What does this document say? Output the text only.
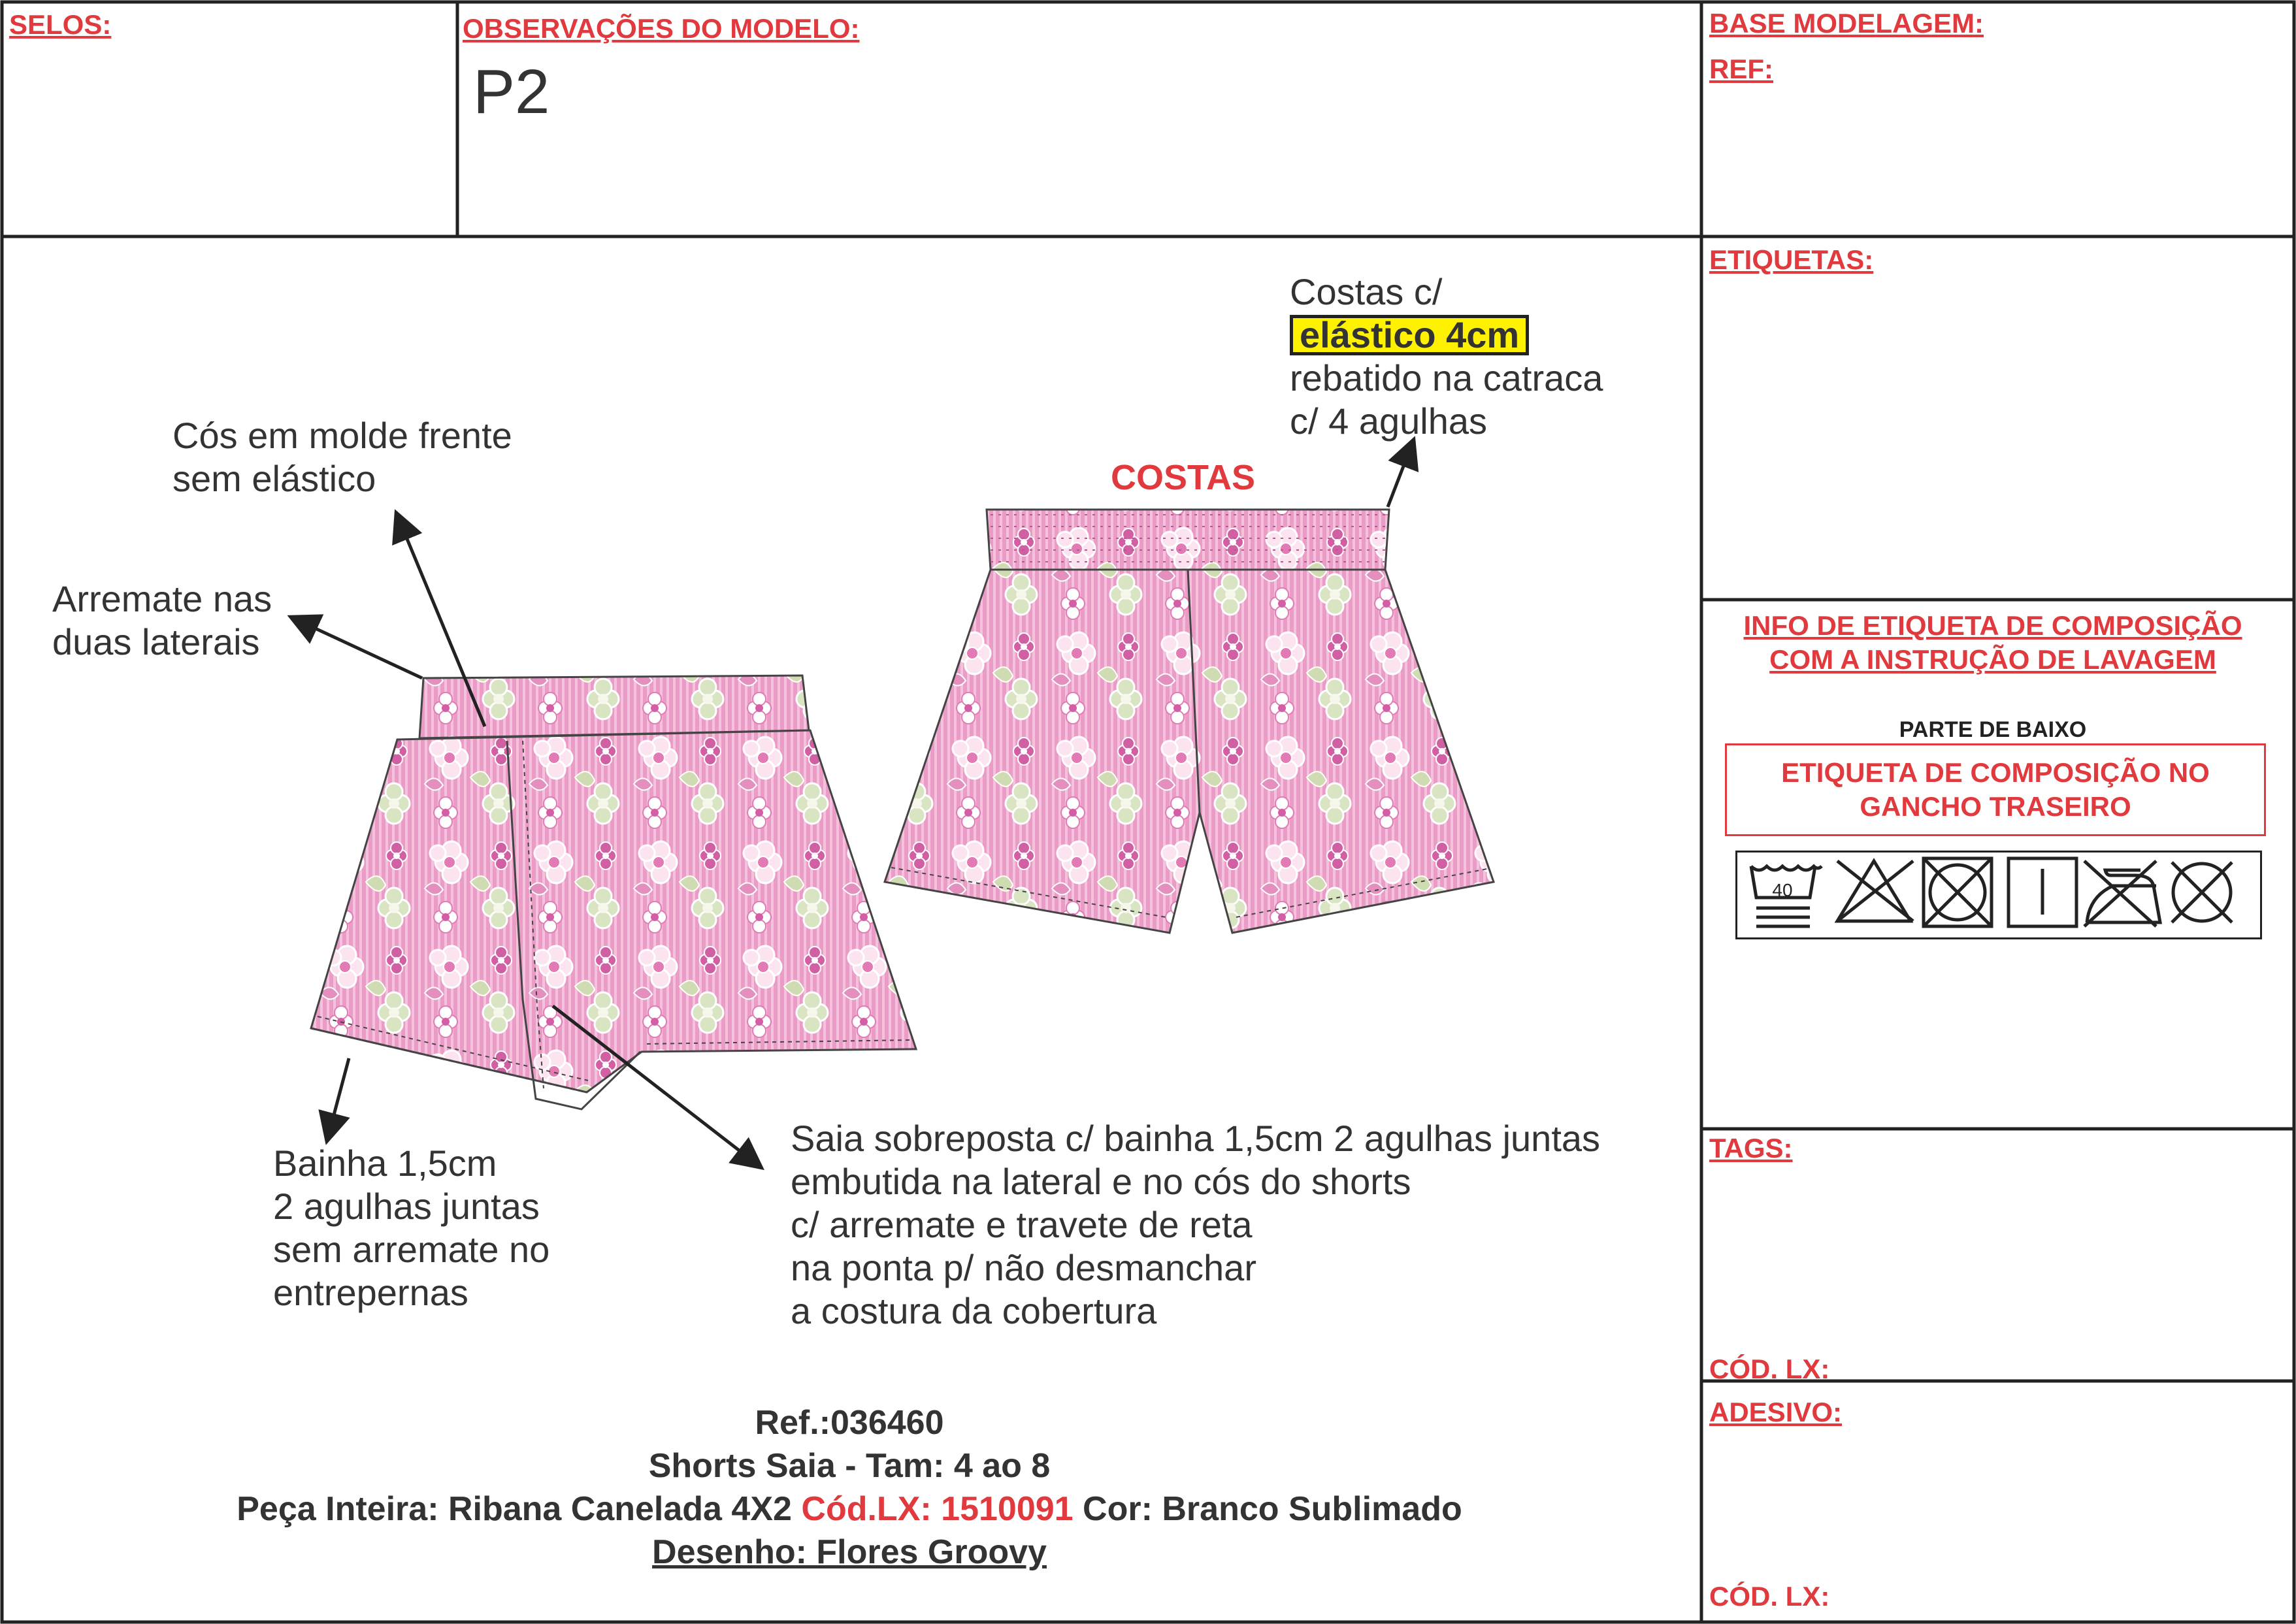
40
SELOS:	OBSERVAÇÕES DO MODELO:
P2
BASE MODELAGEM:
REF:
ETIQUETAS:
TAGS:
CÓD. LX:
ADESIVO:
CÓD. LX:
COSTAS
Costas c/
elástico 4cm
rebatido na catraca
c/ 4 agulhas
Cós em molde frente
sem elástico
Arremate nas
duas laterais
Bainha 1,5cm
2 agulhas juntas
sem arremate no
entrepernas
Saia sobreposta c/ bainha 1,5cm 2 agulhas juntas
embutida na lateral e no cós do shorts
c/ arremate e travete de reta
na ponta p/ não desmanchar
a costura da cobertura
Ref.:036460
Shorts Saia - Tam: 4 ao 8
Peça Inteira: Ribana Canelada 4X2 Cód.LX: 1510091 Cor: Branco Sublimado
Desenho: Flores Groovy
INFO DE ETIQUETA DE COMPOSIÇÃO
COM A INSTRUÇÃO DE LAVAGEM
PARTE DE BAIXO
ETIQUETA DE COMPOSIÇÃO NO
GANCHO TRASEIRO
